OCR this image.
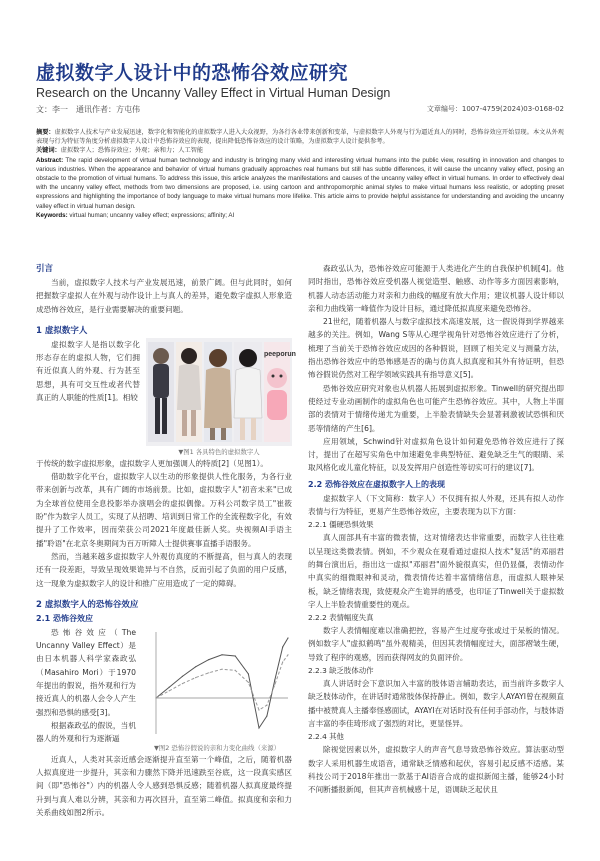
虚拟数字人设计中的恐怖谷效应研究
Research on the Uncanny Valley Effect in Virtual Human Design
文：李一　通讯作者：方屯伟	文章编号：1007-4759(2024)03-0168-02

摘要：虚拟数字人技术与产业发展迅速，数字化和智能化的虚拟数字人进入大众视野，为各行各业带来创新和变革，与虚拟数字人外观与行为逼近真人的同时，恐怖谷效应开始显现。本文从外观表现与行为特征等角度分析虚拟数字人设计中恐怖谷效应的表现，提出降低恐怖谷效应的设计策略，为虚拟数字人设计提供参考。

关键词：虚拟数字人；恐怖谷效应；外观；亲和力；人工智能

Abstract: The rapid development of virtual human technology and industry is bringing many vivid and interesting virtual humans into the public view, resulting in innovation and changes to various industries. When the appearance and behavior of virtual humans gradually approaches real humans but still has subtle differences, it will cause the uncanny valley effect, posing an obstacle to the promotion of virtual humans. To address this issue, this article analyzes the manifestations and causes of the uncanny valley effect in virtual humans. In order to effectively deal with the uncanny valley effect, methods from two dimensions are proposed, i.e. using cartoon and anthropomorphic animal styles to make virtual humans less realistic, or adopting preset expressions and highlighting the importance of body language to make virtual humans more lifelike. This article aims to provide helpful assistance for understanding and avoiding the uncanny valley effect in virtual human design.

Keywords: virtual human; uncanny valley effect; expressions; affinity; AI

引言

当前，虚拟数字人技术与产业发展迅速，前景广阔。但与此同时，如何把握数字虚拟人在外观与动作设计上与真人的差异，避免数字虚拟人形象造成恐怖谷效应，是行业需要解决的重要问题。

1 虚拟数字人

虚拟数字人是指以数字化形态存在的虚拟人物，它们拥有近似真人的外观、行为甚至思想，具有可交互性或者代替真正的人职能的性质[1]。相较

peeporun
▼图1 各具特色的虚拟数字人

于传统的数字虚拟形象，虚拟数字人更加强调人的特质[2]（见图1）。

借助数字化平台，虚拟数字人以生动的形象提供人性化服务，为各行业带来创新与改革，具有广阔的市场前景。比如，虚拟数字人"初音未来"已成为全球首位使用全息投影举办演唱会的虚拟偶像。万科公司数字员工"崔筱盼"作为数字人员工，实现了从招聘、培训到日常工作的全流程数字化，有效提升了工作效率，因而荣获公司2021年度最佳新人奖。央视频AI手语主播"聆语"在北京冬奥期间为百万听障人士提供赛事直播手语服务。

然而，当越来越多虚拟数字人外观仿真度的不断提高，但与真人的表现还有一段差距，导致呈现效果诡异与不自然，反而引起了负面的用户反感，这一现象为虚拟数字人的设计和推广应用造成了一定的障碍。

2 虚拟数字人的恐怖谷效应
2.1 恐怖谷效应

恐怖谷效应（The Uncanny Valley Effect）是由日本机器人科学家森政弘（Masahiro Mori）于1970年提出的假说，指外观和行为接近真人的机器人会令人产生强烈和恐惧的感受[3]。

根据森政弘的假说，当机器人的外观和行为逐渐逼

▼图2 恐怖谷假说的亲和力变化曲线（来源）

近真人，人类对其亲近感会逐渐提升直至第一个峰值，之后，随着机器人拟真度进一步提升，其亲和力骤然下降并迅速跌至谷底，这一段真实感区间（即"恐怖谷"）内的机器人令人感到恐惧反感；随着机器人拟真度最终提升到与真人难以分辨，其亲和力再次回升，直至第二峰值。拟真度和亲和力关系曲线如图2所示。

森政弘认为，恐怖谷效应可能源于人类进化产生的自我保护机制[4]。他同时指出，恐怖谷效应受机器人视觉造型、触感、动作等多方面因素影响，机器人动态活动能力对亲和力曲线的幅度有放大作用；建议机器人设计师以亲和力曲线第一峰值作为设计目标，通过降低拟真度来避免恐怖谷。

21世纪，随着机器人与数字虚拟技术高速发展，这一假说得到学界越来越多的关注。例如，Wang S等从心理学视角针对恐怖谷效应进行了分析，梳理了当前关于恐怖谷效应成因的各种假说，回顾了相关定义与测量方法，指出恐怖谷效应中的恐怖感是否的确与仿真人拟真度和其外有待证明，但恐怖谷假说仍然对工程学领域实践具有指导意义[5]。

恐怖谷效应研究对象也从机器人拓展到虚拟形象。Tinwell的研究提出即使经过专业动画制作的虚拟角色也可能产生恐怖谷效应。其中，人物上半面部的表情对于情绪传递尤为重要，上半脸表情缺失会显著刺激被试恐惧和厌恶等情绪的产生[6]。

应用领域，Schwind针对虚拟角色设计如何避免恐怖谷效应进行了探讨，提出了在超写实角色中加速避免非典型特征、避免缺乏生气的眼睛、采取风格化或儿童化特征，以及发挥用户创造性等切实可行的建议[7]。

2.2 恐怖谷效应在虚拟数字人上的表现

虚拟数字人（下文简称：数字人）不仅拥有拟人外观，还具有拟人动作表情与行为特征，更易产生恐怖谷效应，主要表现为以下方面：

2.2.1 僵硬恐惧效果

真人面部具有丰富的微表情，这对情绪表达非常重要，而数字人往往难以呈现这类微表情。例如，不少观众在观看通过虚拟人技术"复活"的邓丽君的舞台演出后，指出这一虚拟"邓丽君"面外貌很真实，但仍显僵，表情动作中真实的细微眼神和灵动，微表情传达着丰富情绪信息，而虚拟人眼神呆板，缺乏情绪表现，致使观众产生诡异的感受，也印证了Tinwell关于虚拟数字人上半脸表情重要性的观点。

2.2.2 表情幅度失真

数字人表情幅度难以准确把控，容易产生过度夸张或过于呆板的情况。例如数字人"虚拟鹤鸣"虽外观精美，但因其表情幅度过大，面部褶皱生硬，导致了程序的观感，因而获得网友的负面评价。

2.2.3 缺乏肢体动作

真人讲话时会下意识加入丰富的肢体语言辅助表达，而当前许多数字人缺乏肢体动作，在讲话时通常肢体保持静止。例如，数字人AYAYI曾在视频直播中被赞真人主播奉怪感面试，AYAYI在对话时没有任何手部动作，与肢体语言丰富的李佳琦形成了强烈的对比，更显怪异。

2.2.4 其他

除视觉因素以外，虚拟数字人的声音气息导致恐怖谷效应。算法驱动型数字人采用机器生成语音，通常缺乏情感和起伏，容易引起反感不适感。某科技公司于2018年推出一款基于AI语音合成的虚拟新闻主播，能够24小时不间断播报新闻，但其声音机械感十足，语调缺乏起伏且
